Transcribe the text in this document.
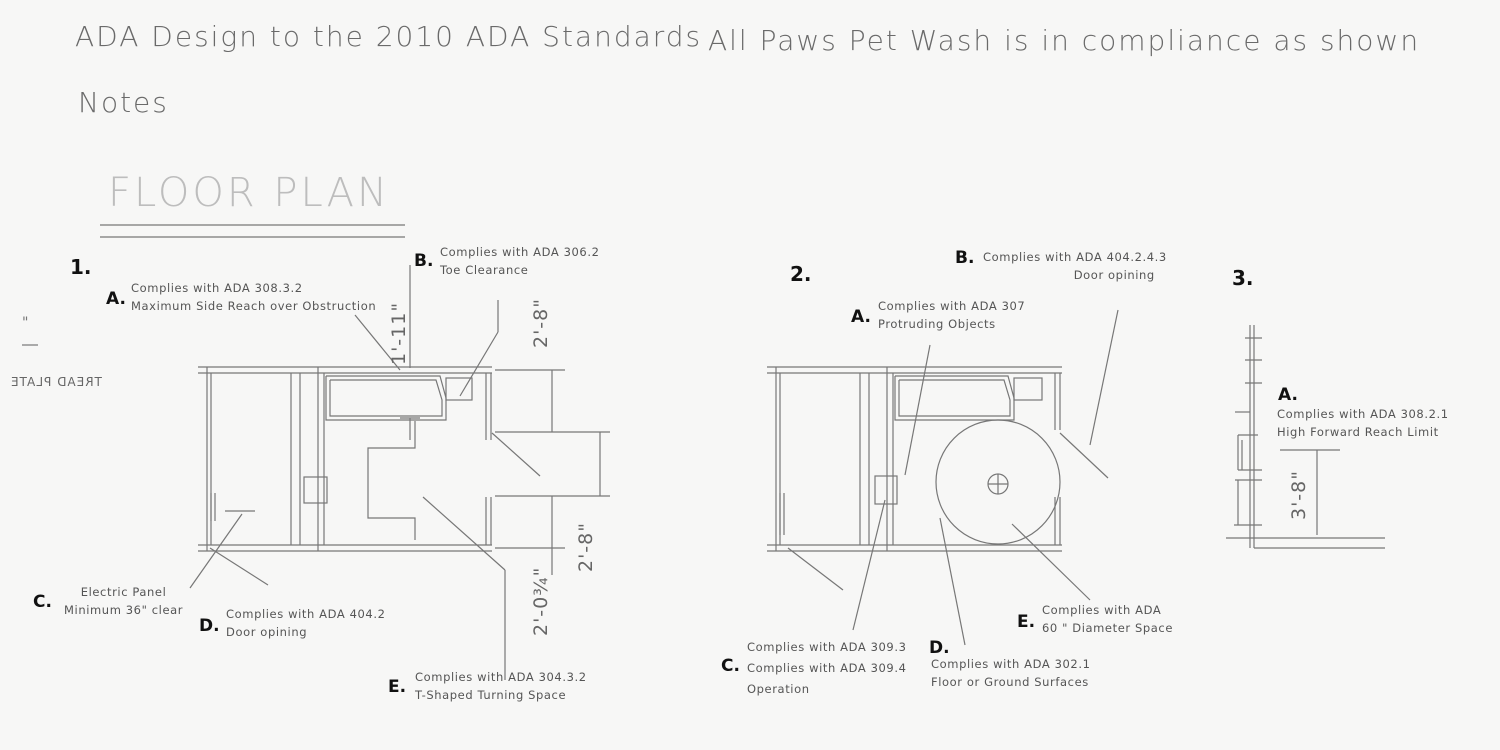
ADA Design to the 2010 ADA Standards All Paws Pet Wash is in compliance as shown
Notes
FLOOR PLAN
"
TREAD PLATE
1.	2.	3.
A.
Complies with ADA 308.3.2
Maximum Side Reach over Obstruction
B. Complies with ADA 306.2
Toe Clearance
C.	Electric Panel
Minimum 36" clear
D.
Complies with ADA 404.2
Door opining
E. Complies with ADA 304.3.2
T-Shaped Turning Space
1'-11"	2'-8"
2'-8"
2'-0¾"
A.
Complies with ADA 307
Protruding Objects
B. Complies with ADA 404.2.4.3
Door opining
C.
Complies with ADA 309.3
Complies with ADA 309.4
Operation
D.
Complies with ADA 302.1
Floor or Ground Surfaces
E.
Complies with ADA
60 " Diameter Space
A.
Complies with ADA 308.2.1
High Forward Reach Limit
3'-8"
